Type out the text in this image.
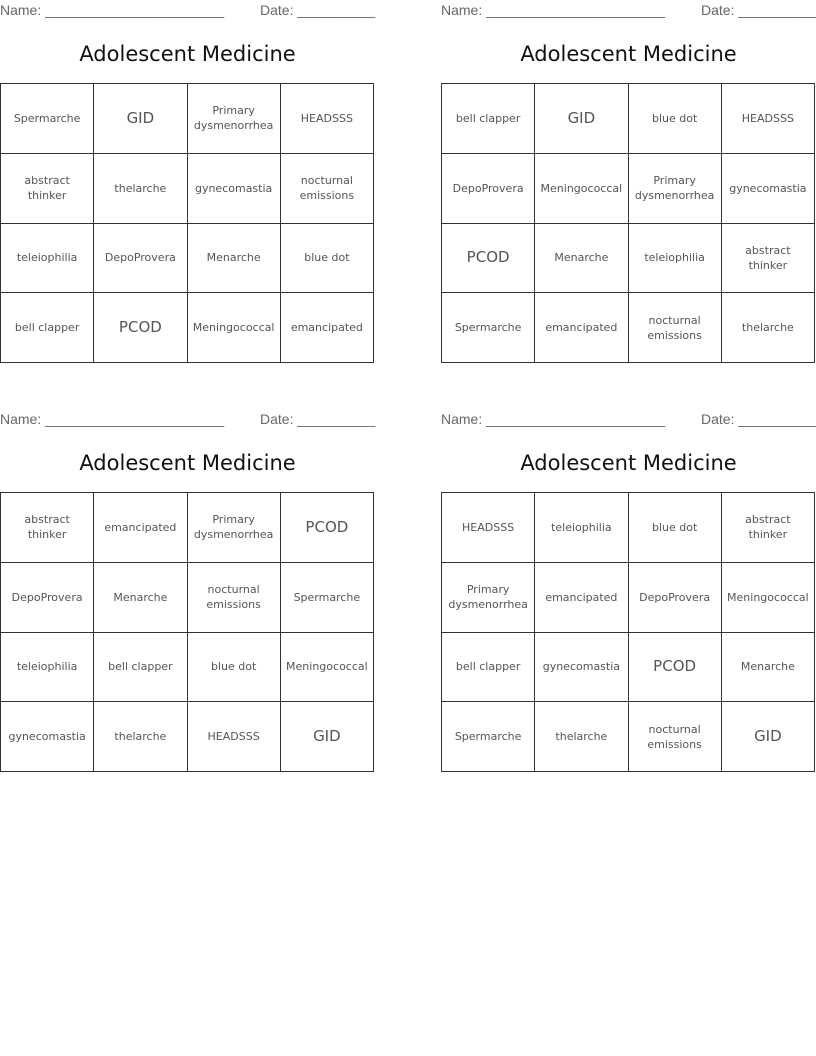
Name: _______________________	Date: __________
Adolescent Medicine
Spermarche	GID	Primary dysmenorrhea	HEADSSS
abstract thinker	thelarche	gynecomastia	nocturnal emissions
teleiophilia	DepoProvera	Menarche	blue dot
bell clapper	PCOD	Meningococcal	emancipated
Name: _______________________	Date: __________
Adolescent Medicine
bell clapper	GID	blue dot	HEADSSS
DepoProvera	Meningococcal	Primary dysmenorrhea	gynecomastia
PCOD	Menarche	teleiophilia	abstract thinker
Spermarche	emancipated	nocturnal emissions	thelarche
Name: _______________________	Date: __________
Adolescent Medicine
abstract thinker	emancipated	Primary dysmenorrhea	PCOD
DepoProvera	Menarche	nocturnal emissions	Spermarche
teleiophilia	bell clapper	blue dot	Meningococcal
gynecomastia	thelarche	HEADSSS	GID
Name: _______________________	Date: __________
Adolescent Medicine
HEADSSS	teleiophilia	blue dot	abstract thinker
Primary dysmenorrhea	emancipated	DepoProvera	Meningococcal
bell clapper	gynecomastia	PCOD	Menarche
Spermarche	thelarche	nocturnal emissions	GID
